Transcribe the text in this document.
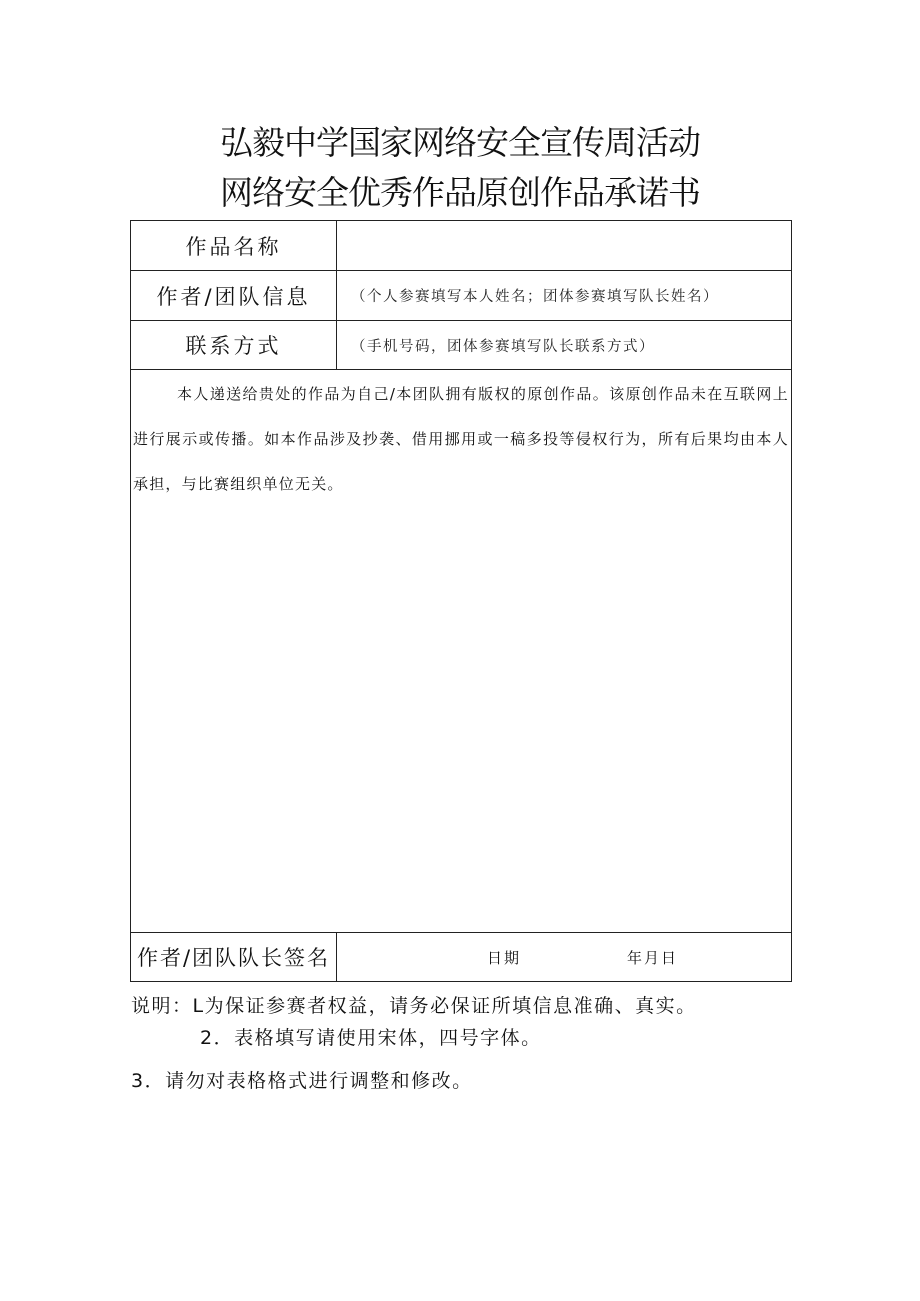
弘毅中学国家网络安全宣传周活动
网络安全优秀作品原创作品承诺书
作品名称	
作者/团队信息	（个人参赛填写本人姓名；团体参赛填写队长姓名）
联系方式	（手机号码，团体参赛填写队长联系方式）

本人递送给贵处的作品为自己/本团队拥有版权的原创作品。该原创作品未在互联网上进行展示或传播。如本作品涉及抄袭、借用挪用或一稿多投等侵权行为，所有后果均由本人承担，与比赛组织单位无关。	

作者/团队队长签名	日期 年月日
说明：L为保证参赛者权益，请务必保证所填信息准确、真实。
2．表格填写请使用宋体，四号字体。
3．请勿对表格格式进行调整和修改。
